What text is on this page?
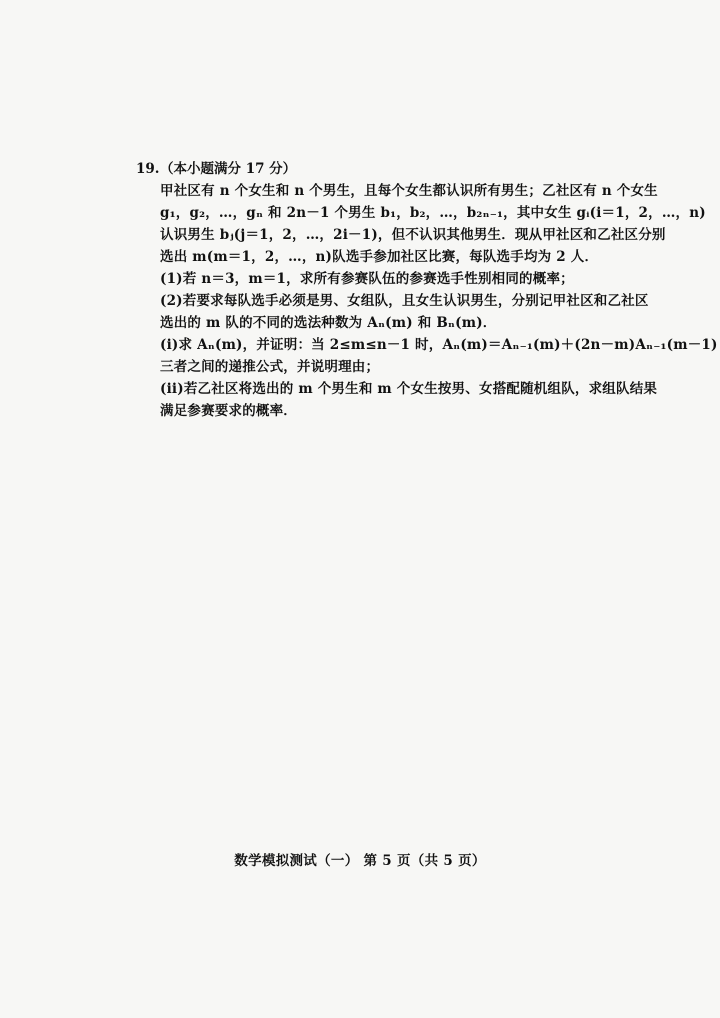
19.（本小题满分 17 分）
甲社区有 n 个女生和 n 个男生，且每个女生都认识所有男生；乙社区有 n 个女生
g₁，g₂，…，gₙ 和 2n－1 个男生 b₁，b₂，…，b₂ₙ₋₁，其中女生 gᵢ(i＝1，2，…，n)
认识男生 bⱼ(j＝1，2，…，2i－1)，但不认识其他男生．现从甲社区和乙社区分别
选出 m(m＝1，2，…，n)队选手参加社区比赛，每队选手均为 2 人．
(1)若 n＝3，m＝1，求所有参赛队伍的参赛选手性别相同的概率；
(2)若要求每队选手必须是男、女组队，且女生认识男生，分别记甲社区和乙社区
选出的 m 队的不同的选法种数为 Aₙ(m) 和 Bₙ(m)．
(i)求 Aₙ(m)，并证明：当 2≤m≤n－1 时，Aₙ(m)＝Aₙ₋₁(m)＋(2n－m)Aₙ₋₁(m－1)
三者之间的递推公式，并说明理由；
(ii)若乙社区将选出的 m 个男生和 m 个女生按男、女搭配随机组队，求组队结果
满足参赛要求的概率．
数学模拟测试（一） 第 5 页（共 5 页）
